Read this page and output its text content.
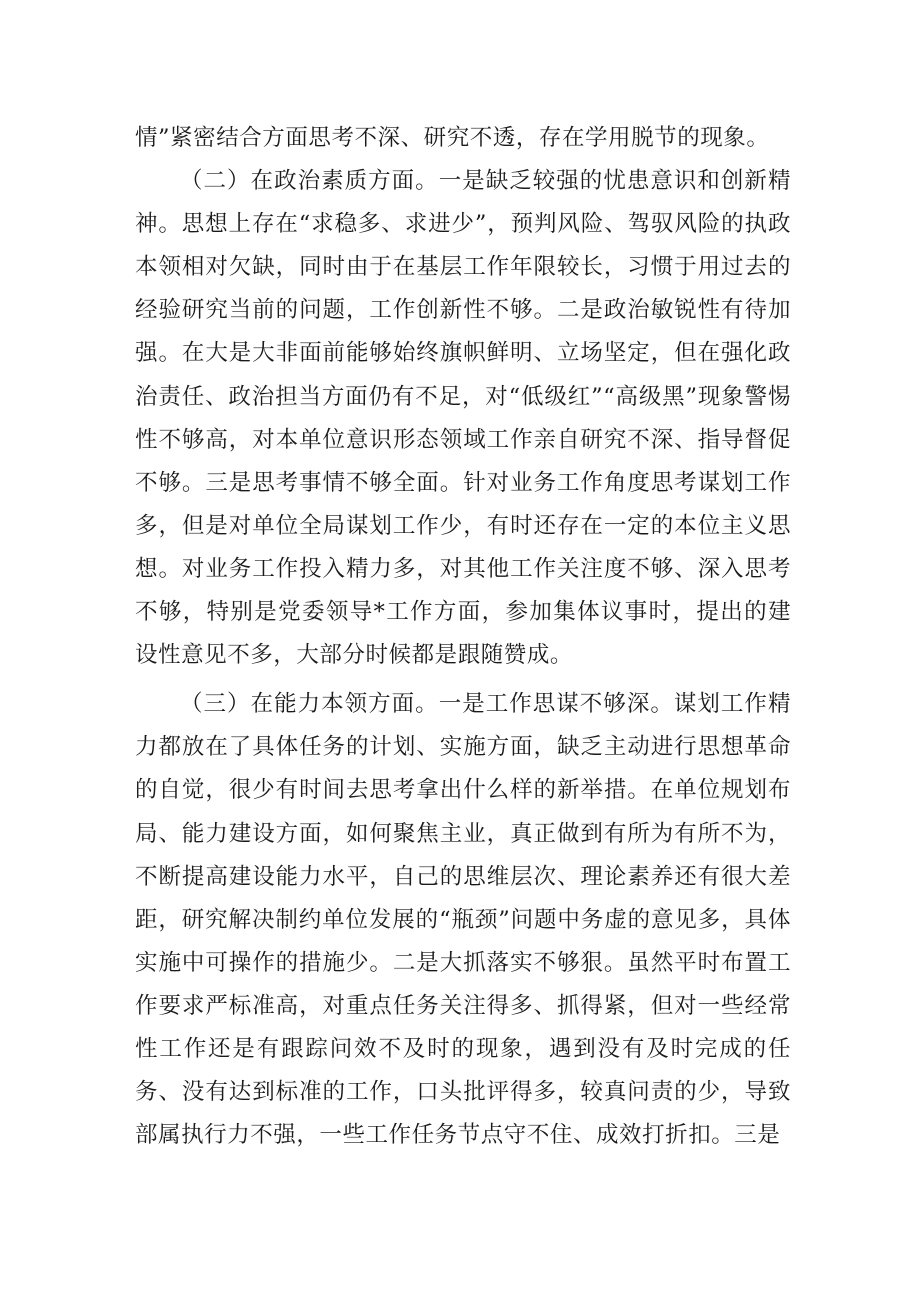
情”紧密结合方面思考不深、研究不透，存在学用脱节的现象。

（二）在政治素质方面。一是缺乏较强的忧患意识和创新精神。思想上存在“求稳多、求进少”，预判风险、驾驭风险的执政本领相对欠缺，同时由于在基层工作年限较长，习惯于用过去的经验研究当前的问题，工作创新性不够。二是政治敏锐性有待加强。在大是大非面前能够始终旗帜鲜明、立场坚定，但在强化政治责任、政治担当方面仍有不足，对“低级红”“高级黑”现象警惕性不够高，对本单位意识形态领域工作亲自研究不深、指导督促不够。三是思考事情不够全面。针对业务工作角度思考谋划工作多，但是对单位全局谋划工作少，有时还存在一定的本位主义思想。对业务工作投入精力多，对其他工作关注度不够、深入思考不够，特别是党委领导*工作方面，参加集体议事时，提出的建设性意见不多，大部分时候都是跟随赞成。

（三）在能力本领方面。一是工作思谋不够深。谋划工作精力都放在了具体任务的计划、实施方面，缺乏主动进行思想革命的自觉，很少有时间去思考拿出什么样的新举措。在单位规划布局、能力建设方面，如何聚焦主业，真正做到有所为有所不为，不断提高建设能力水平，自己的思维层次、理论素养还有很大差距，研究解决制约单位发展的“瓶颈”问题中务虚的意见多，具体实施中可操作的措施少。二是大抓落实不够狠。虽然平时布置工作要求严标准高，对重点任务关注得多、抓得紧，但对一些经常性工作还是有跟踪问效不及时的现象，遇到没有及时完成的任务、没有达到标准的工作，口头批评得多，较真问责的少，导致部属执行力不强，一些工作任务节点守不住、成效打折扣。三是
